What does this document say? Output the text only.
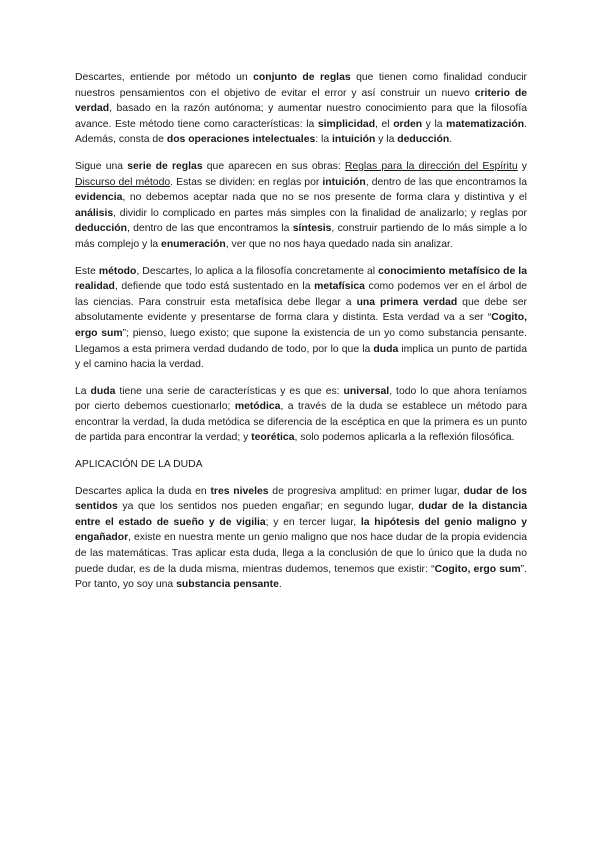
Descartes, entiende por método un conjunto de reglas que tienen como finalidad conducir nuestros pensamientos con el objetivo de evitar el error y así construir un nuevo criterio de verdad, basado en la razón autónoma; y aumentar nuestro conocimiento para que la filosofía avance. Este método tiene como características: la simplicidad, el orden y la matematización. Además, consta de dos operaciones intelectuales: la intuición y la deducción.

Sigue una serie de reglas que aparecen en sus obras: Reglas para la dirección del Espíritu y Discurso del método. Estas se dividen: en reglas por intuición, dentro de las que encontramos la evidencia, no debemos aceptar nada que no se nos presente de forma clara y distintiva y el análisis, dividir lo complicado en partes más simples con la finalidad de analizarlo; y reglas por deducción, dentro de las que encontramos la síntesis, construir partiendo de lo más simple a lo más complejo y la enumeración, ver que no nos haya quedado nada sin analizar.

Este método, Descartes, lo aplica a la filosofía concretamente al conocimiento metafísico de la realidad, defiende que todo está sustentado en la metafísica como podemos ver en el árbol de las ciencias. Para construir esta metafísica debe llegar a una primera verdad que debe ser absolutamente evidente y presentarse de forma clara y distinta. Esta verdad va a ser “Cogito, ergo sum”; pienso, luego existo; que supone la existencia de un yo como substancia pensante. Llegamos a esta primera verdad dudando de todo, por lo que la duda implica un punto de partida y el camino hacia la verdad.

La duda tiene una serie de características y es que es: universal, todo lo que ahora teníamos por cierto debemos cuestionarlo; metódica, a través de la duda se establece un método para encontrar la verdad, la duda metódica se diferencia de la escéptica en que la primera es un punto de partida para encontrar la verdad; y teorética, solo podemos aplicarla a la reflexión filosófica.

APLICACIÓN DE LA DUDA

Descartes aplica la duda en tres niveles de progresiva amplitud: en primer lugar, dudar de los sentidos ya que los sentidos nos pueden engañar; en segundo lugar, dudar de la distancia entre el estado de sueño y de vigilia; y en tercer lugar, la hipótesis del genio maligno y engañador, existe en nuestra mente un genio maligno que nos hace dudar de la propia evidencia de las matemáticas. Tras aplicar esta duda, llega a la conclusión de que lo único que la duda no puede dudar, es de la duda misma, mientras dudemos, tenemos que existir: “Cogito, ergo sum”. Por tanto, yo soy una substancia pensante.
